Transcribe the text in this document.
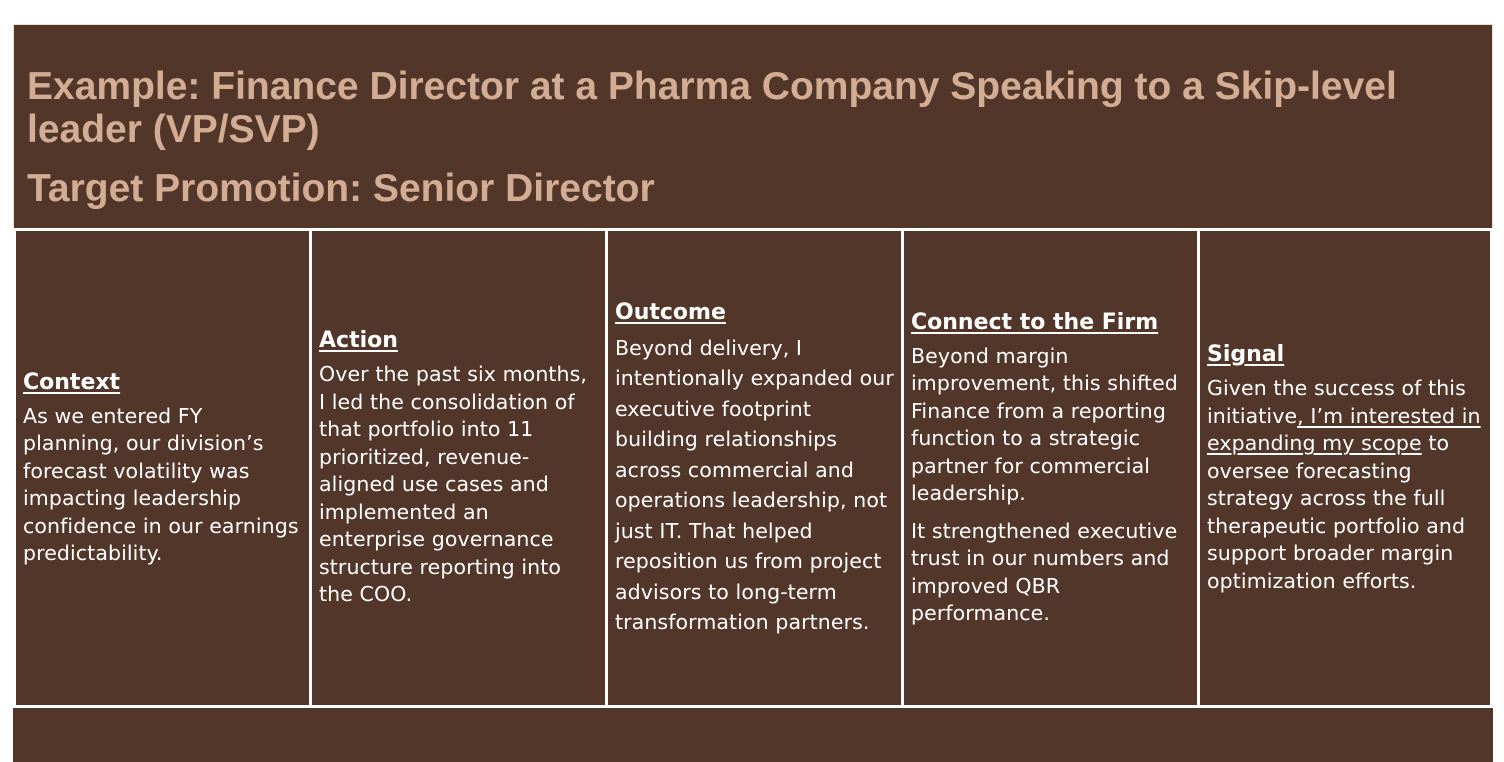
Example: Finance Director at a Pharma Company Speaking to a Skip-level leader (VP/SVP)
Target Promotion: Senior Director
Context

As we entered FY planning, our division’s forecast volatility was impacting leadership confidence in our earnings predictability.

Action

Over the past six months, I led the consolidation of that portfolio into 11 prioritized, revenue-aligned use cases and implemented an enterprise governance structure reporting into the COO.

Outcome

Beyond delivery, I intentionally expanded our executive footprint building relationships across commercial and operations leadership, not just IT. That helped reposition us from project advisors to long-term transformation partners.

Connect to the Firm

Beyond margin improvement, this shifted Finance from a reporting function to a strategic partner for commercial leadership.

It strengthened executive trust in our numbers and improved QBR performance.

Signal

Given the success of this initiative, I’m interested in expanding my scope to oversee forecasting strategy across the full therapeutic portfolio and support broader margin optimization efforts.
